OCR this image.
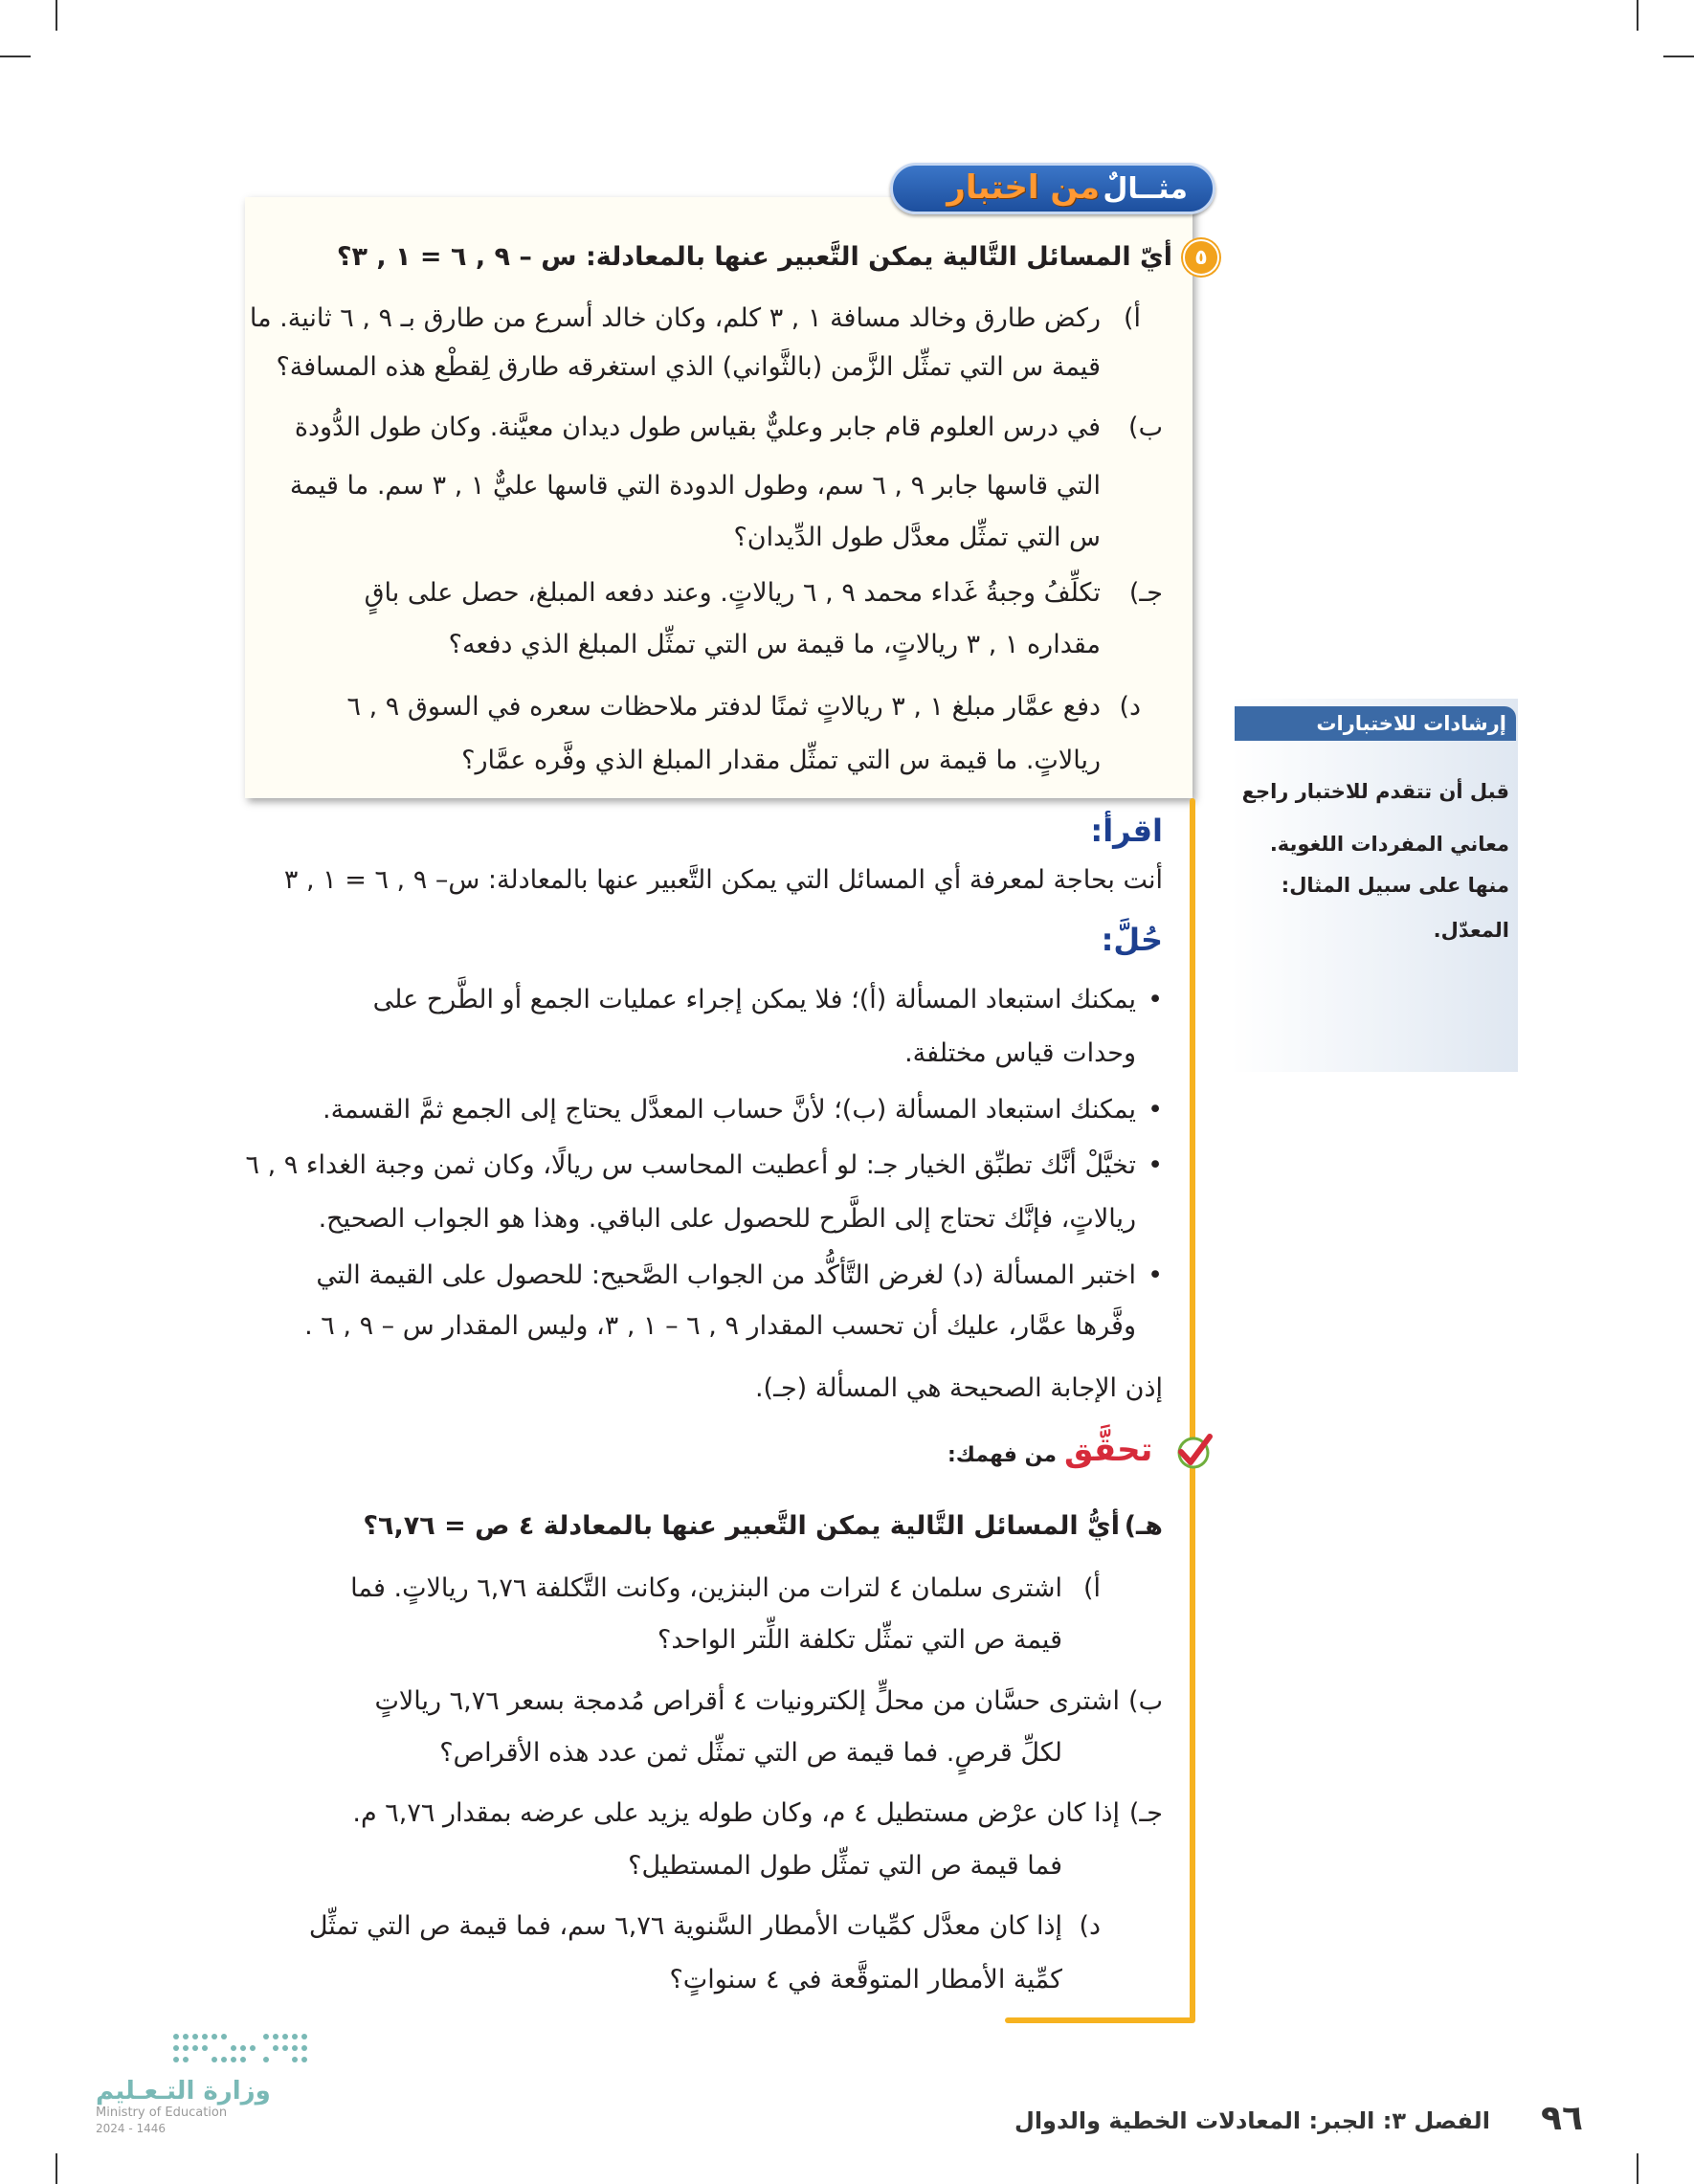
مثــالٌ
من اختبار
٥
أيّ المسائل التَّالية يمكن التَّعبير عنها بالمعادلة: س – ٩ , ٦ = ١ , ٣؟
أ)
ركض طارق وخالد مسافة ١ , ٣ كلم، وكان خالد أسرع من طارق بـ ٩ , ٦ ثانية. ما
قيمة س التي تمثِّل الزَّمن (بالثَّواني) الذي استغرقه طارق لِقطْع هذه المسافة؟
ب)
في درس العلوم قام جابر وعليٌّ بقياس طول ديدان معيَّنة. وكان طول الدُّودة
التي قاسها جابر ٩ , ٦ سم، وطول الدودة التي قاسها عليٌّ ١ , ٣ سم. ما قيمة
س التي تمثِّل معدَّل طول الدِّيدان؟
جـ)
تكلِّفُ وجبةُ غَداء محمد ٩ , ٦ ريالاتٍ. وعند دفعه المبلغ، حصل على باقٍ
مقداره ١ , ٣ ريالاتٍ، ما قيمة س التي تمثِّل المبلغ الذي دفعه؟
د)
دفع عمَّار مبلغ ١ , ٣ ريالاتٍ ثمنًا لدفتر ملاحظات سعره في السوق ٩ , ٦
ريالاتٍ. ما قيمة س التي تمثِّل مقدار المبلغ الذي وفَّره عمَّار؟
اقرأ:
أنت بحاجة لمعرفة أي المسائل التي يمكن التَّعبير عنها بالمعادلة: س– ٩ , ٦ = ١ , ٣
حُلَّ:
•
يمكنك استبعاد المسألة (أ)؛ فلا يمكن إجراء عمليات الجمع أو الطَّرح على
وحدات قياس مختلفة.
•
يمكنك استبعاد المسألة (ب)؛ لأنَّ حساب المعدَّل يحتاج إلى الجمع ثمَّ القسمة.
•
تخيَّلْ أنَّك تطبِّق الخيار جـ: لو أعطيت المحاسب س ريالًا، وكان ثمن وجبة الغداء ٩ , ٦
ريالاتٍ، فإنَّك تحتاج إلى الطَّرح للحصول على الباقي. وهذا هو الجواب الصحيح.
•
اختبر المسألة (د) لغرض التَّأكُّد من الجواب الصَّحيح: للحصول على القيمة التي
وفَّرها عمَّار، عليك أن تحسب المقدار ٩ , ٦ – ١ , ٣، وليس المقدار س – ٩ , ٦ .
إذن الإجابة الصحيحة هي المسألة (جـ).
تحقَّق
من فهمك:
هـ)
أيُّ المسائل التَّالية يمكن التَّعبير عنها بالمعادلة ٤ ص = ٦,٧٦؟
أ)
اشترى سلمان ٤ لترات من البنزين، وكانت التَّكلفة ٦,٧٦ ريالاتٍ. فما
قيمة ص التي تمثِّل تكلفة اللِّتر الواحد؟
ب)
اشترى حسَّان من محلٍّ إلكترونيات ٤ أقراص مُدمجة بسعر ٦,٧٦ ريالاتٍ
لكلِّ قرصٍ. فما قيمة ص التي تمثِّل ثمن عدد هذه الأقراص؟
جـ)
إذا كان عرْض مستطيل ٤ م، وكان طوله يزيد على عرضه بمقدار ٦,٧٦ م.
فما قيمة ص التي تمثِّل طول المستطيل؟
د)
إذا كان معدَّل كمِّيات الأمطار السَّنوية ٦,٧٦ سم، فما قيمة ص التي تمثِّل
كمِّية الأمطار المتوقَّعة في ٤ سنواتٍ؟
إرشادات للاختبارات
قبل أن تتقدم للاختبار راجع
معاني المفردات اللغوية.
منها على سبيل المثال:
المعدّل.
وزارة التـعـليم
Ministry of Education
2024 - 1446	الفصل ٣: الجبر: المعادلات الخطية والدوال ٩٦
